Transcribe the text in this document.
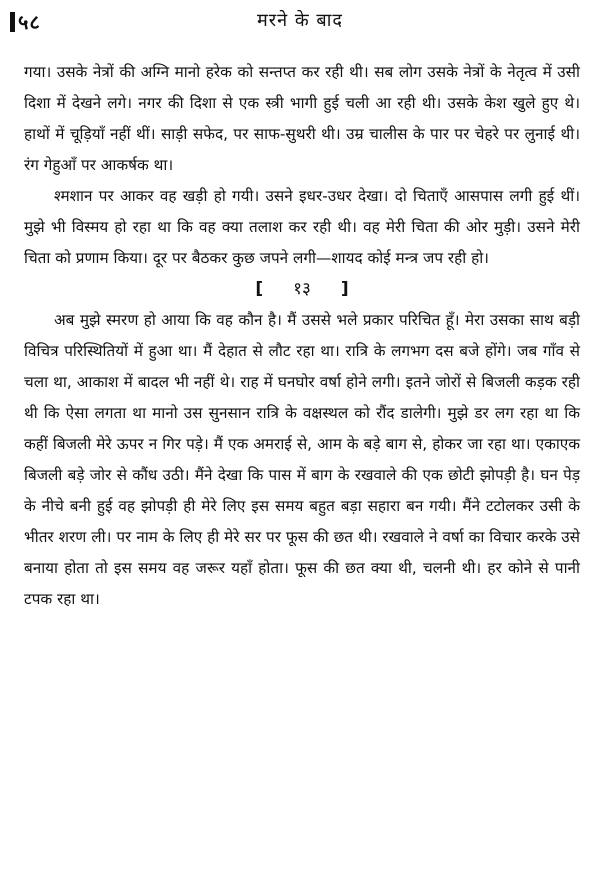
५८	मरने के बाद

गया। उसके नेत्रों की अग्नि मानो हरेक को सन्तप्त कर रही थी। सब लोग उसके नेत्रों के नेतृत्व में उसी दिशा में देखने लगे। नगर की दिशा से एक स्त्री भागी हुई चली आ रही थी। उसके केश खुले हुए थे। हाथों में चूड़ियाँ नहीं थीं। साड़ी सफेद, पर साफ-सुथरी थी। उम्र चालीस के पार पर चेहरे पर लुनाई थी। रंग गेहुआँ पर आकर्षक था।

श्मशान पर आकर वह खड़ी हो गयी। उसने इधर-उधर देखा। दो चिताएँ आसपास लगी हुई थीं। मुझे भी विस्मय हो रहा था कि वह क्या तलाश कर रही थी। वह मेरी चिता की ओर मुड़ी। उसने मेरी चिता को प्रणाम किया। दूर पर बैठकर कुछ जपने लगी—शायद कोई मन्त्र जप रही हो।

[ १३ ]

अब मुझे स्मरण हो आया कि वह कौन है। मैं उससे भले प्रकार परिचित हूँ। मेरा उसका साथ बड़ी विचित्र परिस्थितियों में हुआ था। मैं देहात से लौट रहा था। रात्रि के लगभग दस बजे होंगे। जब गाँव से चला था, आकाश में बादल भी नहीं थे। राह में घनघोर वर्षा होने लगी। इतने जोरों से बिजली कड़क रही थी कि ऐसा लगता था मानो उस सुनसान रात्रि के वक्षस्थल को रौंद डालेगी। मुझे डर लग रहा था कि कहीं बिजली मेरे ऊपर न गिर पड़े। मैं एक अमराई से, आम के बड़े बाग से, होकर जा रहा था। एकाएक बिजली बड़े जोर से कौंध उठी। मैंने देखा कि पास में बाग के रखवाले की एक छोटी झोपड़ी है। घन पेड़ के नीचे बनी हुई वह झोपड़ी ही मेरे लिए इस समय बहुत बड़ा सहारा बन गयी। मैंने टटोलकर उसी के भीतर शरण ली। पर नाम के लिए ही मेरे सर पर फूस की छत थी। रखवाले ने वर्षा का विचार करके उसे बनाया होता तो इस समय वह जरूर यहाँ होता। फूस की छत क्या थी, चलनी थी। हर कोने से पानी टपक रहा था।
